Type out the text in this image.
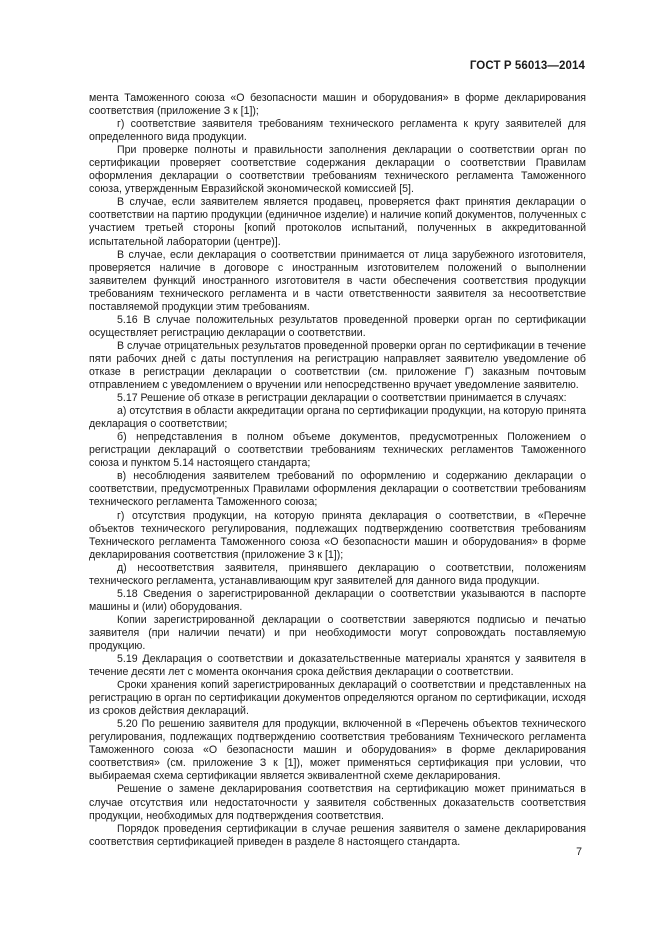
ГОСТ Р 56013—2014

мента Таможенного союза «О безопасности машин и оборудования» в форме декларирования соответствия (приложение З к [1]);

г) соответствие заявителя требованиям технического регламента к кругу заявителей для определенного вида продукции.

При проверке полноты и правильности заполнения декларации о соответствии орган по сертификации проверяет соответствие содержания декларации о соответствии Правилам оформления декларации о соответствии требованиям технического регламента Таможенного союза, утвержденным Евразийской экономической комиссией [5].

В случае, если заявителем является продавец, проверяется факт принятия декларации о соответствии на партию продукции (единичное изделие) и наличие копий документов, полученных с участием третьей стороны [копий протоколов испытаний, полученных в аккредитованной испытательной лаборатории (центре)].

В случае, если декларация о соответствии принимается от лица зарубежного изготовителя, проверяется наличие в договоре с иностранным изготовителем положений о выполнении заявителем функций иностранного изготовителя в части обеспечения соответствия продукции требованиям технического регламента и в части ответственности заявителя за несоответствие поставляемой продукции этим требованиям.

5.16 В случае положительных результатов проведенной проверки орган по сертификации осуществляет регистрацию декларации о соответствии.

В случае отрицательных результатов проведенной проверки орган по сертификации в течение пяти рабочих дней с даты поступления на регистрацию направляет заявителю уведомление об отказе в регистрации декларации о соответствии (см. приложение Г) заказным почтовым отправлением с уведомлением о вручении или непосредственно вручает уведомление заявителю.

5.17 Решение об отказе в регистрации декларации о соответствии принимается в случаях:

а) отсутствия в области аккредитации органа по сертификации продукции, на которую принята декларация о соответствии;

б) непредставления в полном объеме документов, предусмотренных Положением о регистрации деклараций о соответствии требованиям технических регламентов Таможенного союза и пунктом 5.14 настоящего стандарта;

в) несоблюдения заявителем требований по оформлению и содержанию декларации о соответствии, предусмотренных Правилами оформления декларации о соответствии требованиям технического регламента Таможенного союза;

г) отсутствия продукции, на которую принята декларация о соответствии, в «Перечне объектов технического регулирования, подлежащих подтверждению соответствия требованиям Технического регламента Таможенного союза «О безопасности машин и оборудования» в форме декларирования соответствия (приложение З к [1]);

д) несоответствия заявителя, принявшего декларацию о соответствии, положениям технического регламента, устанавливающим круг заявителей для данного вида продукции.

5.18 Сведения о зарегистрированной декларации о соответствии указываются в паспорте машины и (или) оборудования.

Копии зарегистрированной декларации о соответствии заверяются подписью и печатью заявителя (при наличии печати) и при необходимости могут сопровождать поставляемую продукцию.

5.19 Декларация о соответствии и доказательственные материалы хранятся у заявителя в течение десяти лет с момента окончания срока действия декларации о соответствии.

Сроки хранения копий зарегистрированных деклараций о соответствии и представленных на регистрацию в орган по сертификации документов определяются органом по сертификации, исходя из сроков действия деклараций.

5.20 По решению заявителя для продукции, включенной в «Перечень объектов технического регулирования, подлежащих подтверждению соответствия требованиям Технического регламента Таможенного союза «О безопасности машин и оборудования» в форме декларирования соответствия» (см. приложение З к [1]), может применяться сертификация при условии, что выбираемая схема сертификации является эквивалентной схеме декларирования.

Решение о замене декларирования соответствия на сертификацию может приниматься в случае отсутствия или недостаточности у заявителя собственных доказательств соответствия продукции, необходимых для подтверждения соответствия.

Порядок проведения сертификации в случае решения заявителя о замене декларирования соответствия сертификацией приведен в разделе 8 настоящего стандарта.

7
